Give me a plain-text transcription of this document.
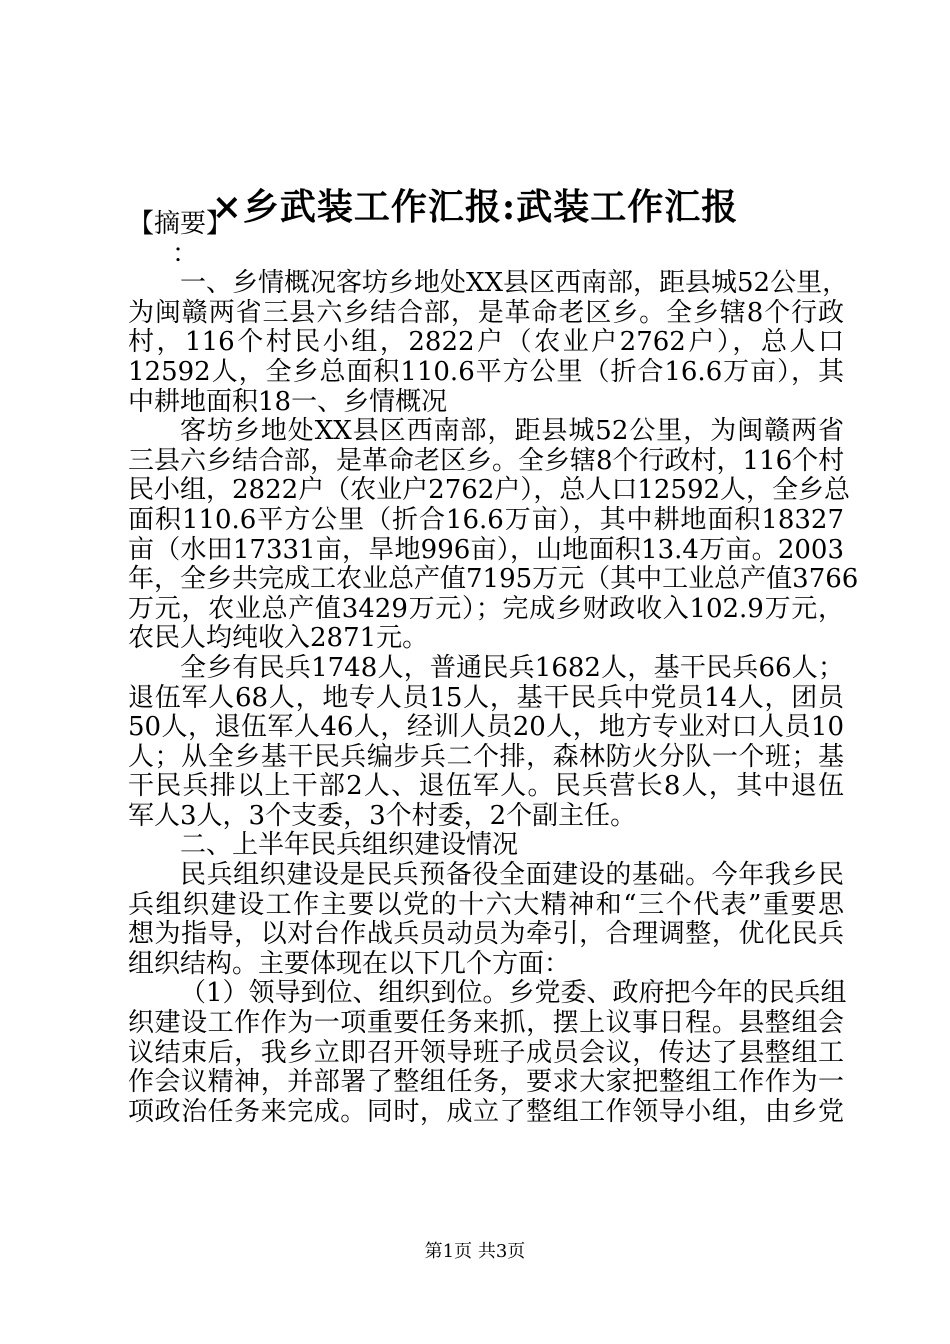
×乡武装工作汇报:武装工作汇报
【摘要】
：
一、乡情概况客坊乡地处XX县区西南部，距县城52公里，
为闽赣两省三县六乡结合部，是革命老区乡。全乡辖8个行政
村，116个村民小组，2822户（农业户2762户），总人口
12592人，全乡总面积110.6平方公里（折合16.6万亩），其
中耕地面积18一、乡情概况
客坊乡地处XX县区西南部，距县城52公里，为闽赣两省
三县六乡结合部，是革命老区乡。全乡辖8个行政村，116个村
民小组，2822户（农业户2762户），总人口12592人，全乡总
面积110.6平方公里（折合16.6万亩），其中耕地面积18327
亩（水田17331亩，旱地996亩），山地面积13.4万亩。2003
年，全乡共完成工农业总产值7195万元（其中工业总产值3766
万元，农业总产值3429万元）；完成乡财政收入102.9万元，
农民人均纯收入2871元。
全乡有民兵1748人，普通民兵1682人，基干民兵66人；
退伍军人68人，地专人员15人，基干民兵中党员14人，团员
50人，退伍军人46人，经训人员20人，地方专业对口人员10
人；从全乡基干民兵编步兵二个排，森林防火分队一个班；基
干民兵排以上干部2人、退伍军人。民兵营长8人，其中退伍
军人3人，3个支委，3个村委，2个副主任。
二、上半年民兵组织建设情况
民兵组织建设是民兵预备役全面建设的基础。今年我乡民
兵组织建设工作主要以党的十六大精神和“三个代表”重要思
想为指导，以对台作战兵员动员为牵引，合理调整，优化民兵
组织结构。主要体现在以下几个方面：
（1）领导到位、组织到位。乡党委、政府把今年的民兵组
织建设工作作为一项重要任务来抓，摆上议事日程。县整组会
议结束后，我乡立即召开领导班子成员会议，传达了县整组工
作会议精神，并部署了整组任务，要求大家把整组工作作为一
项政治任务来完成。同时，成立了整组工作领导小组，由乡党
第1页 共3页
